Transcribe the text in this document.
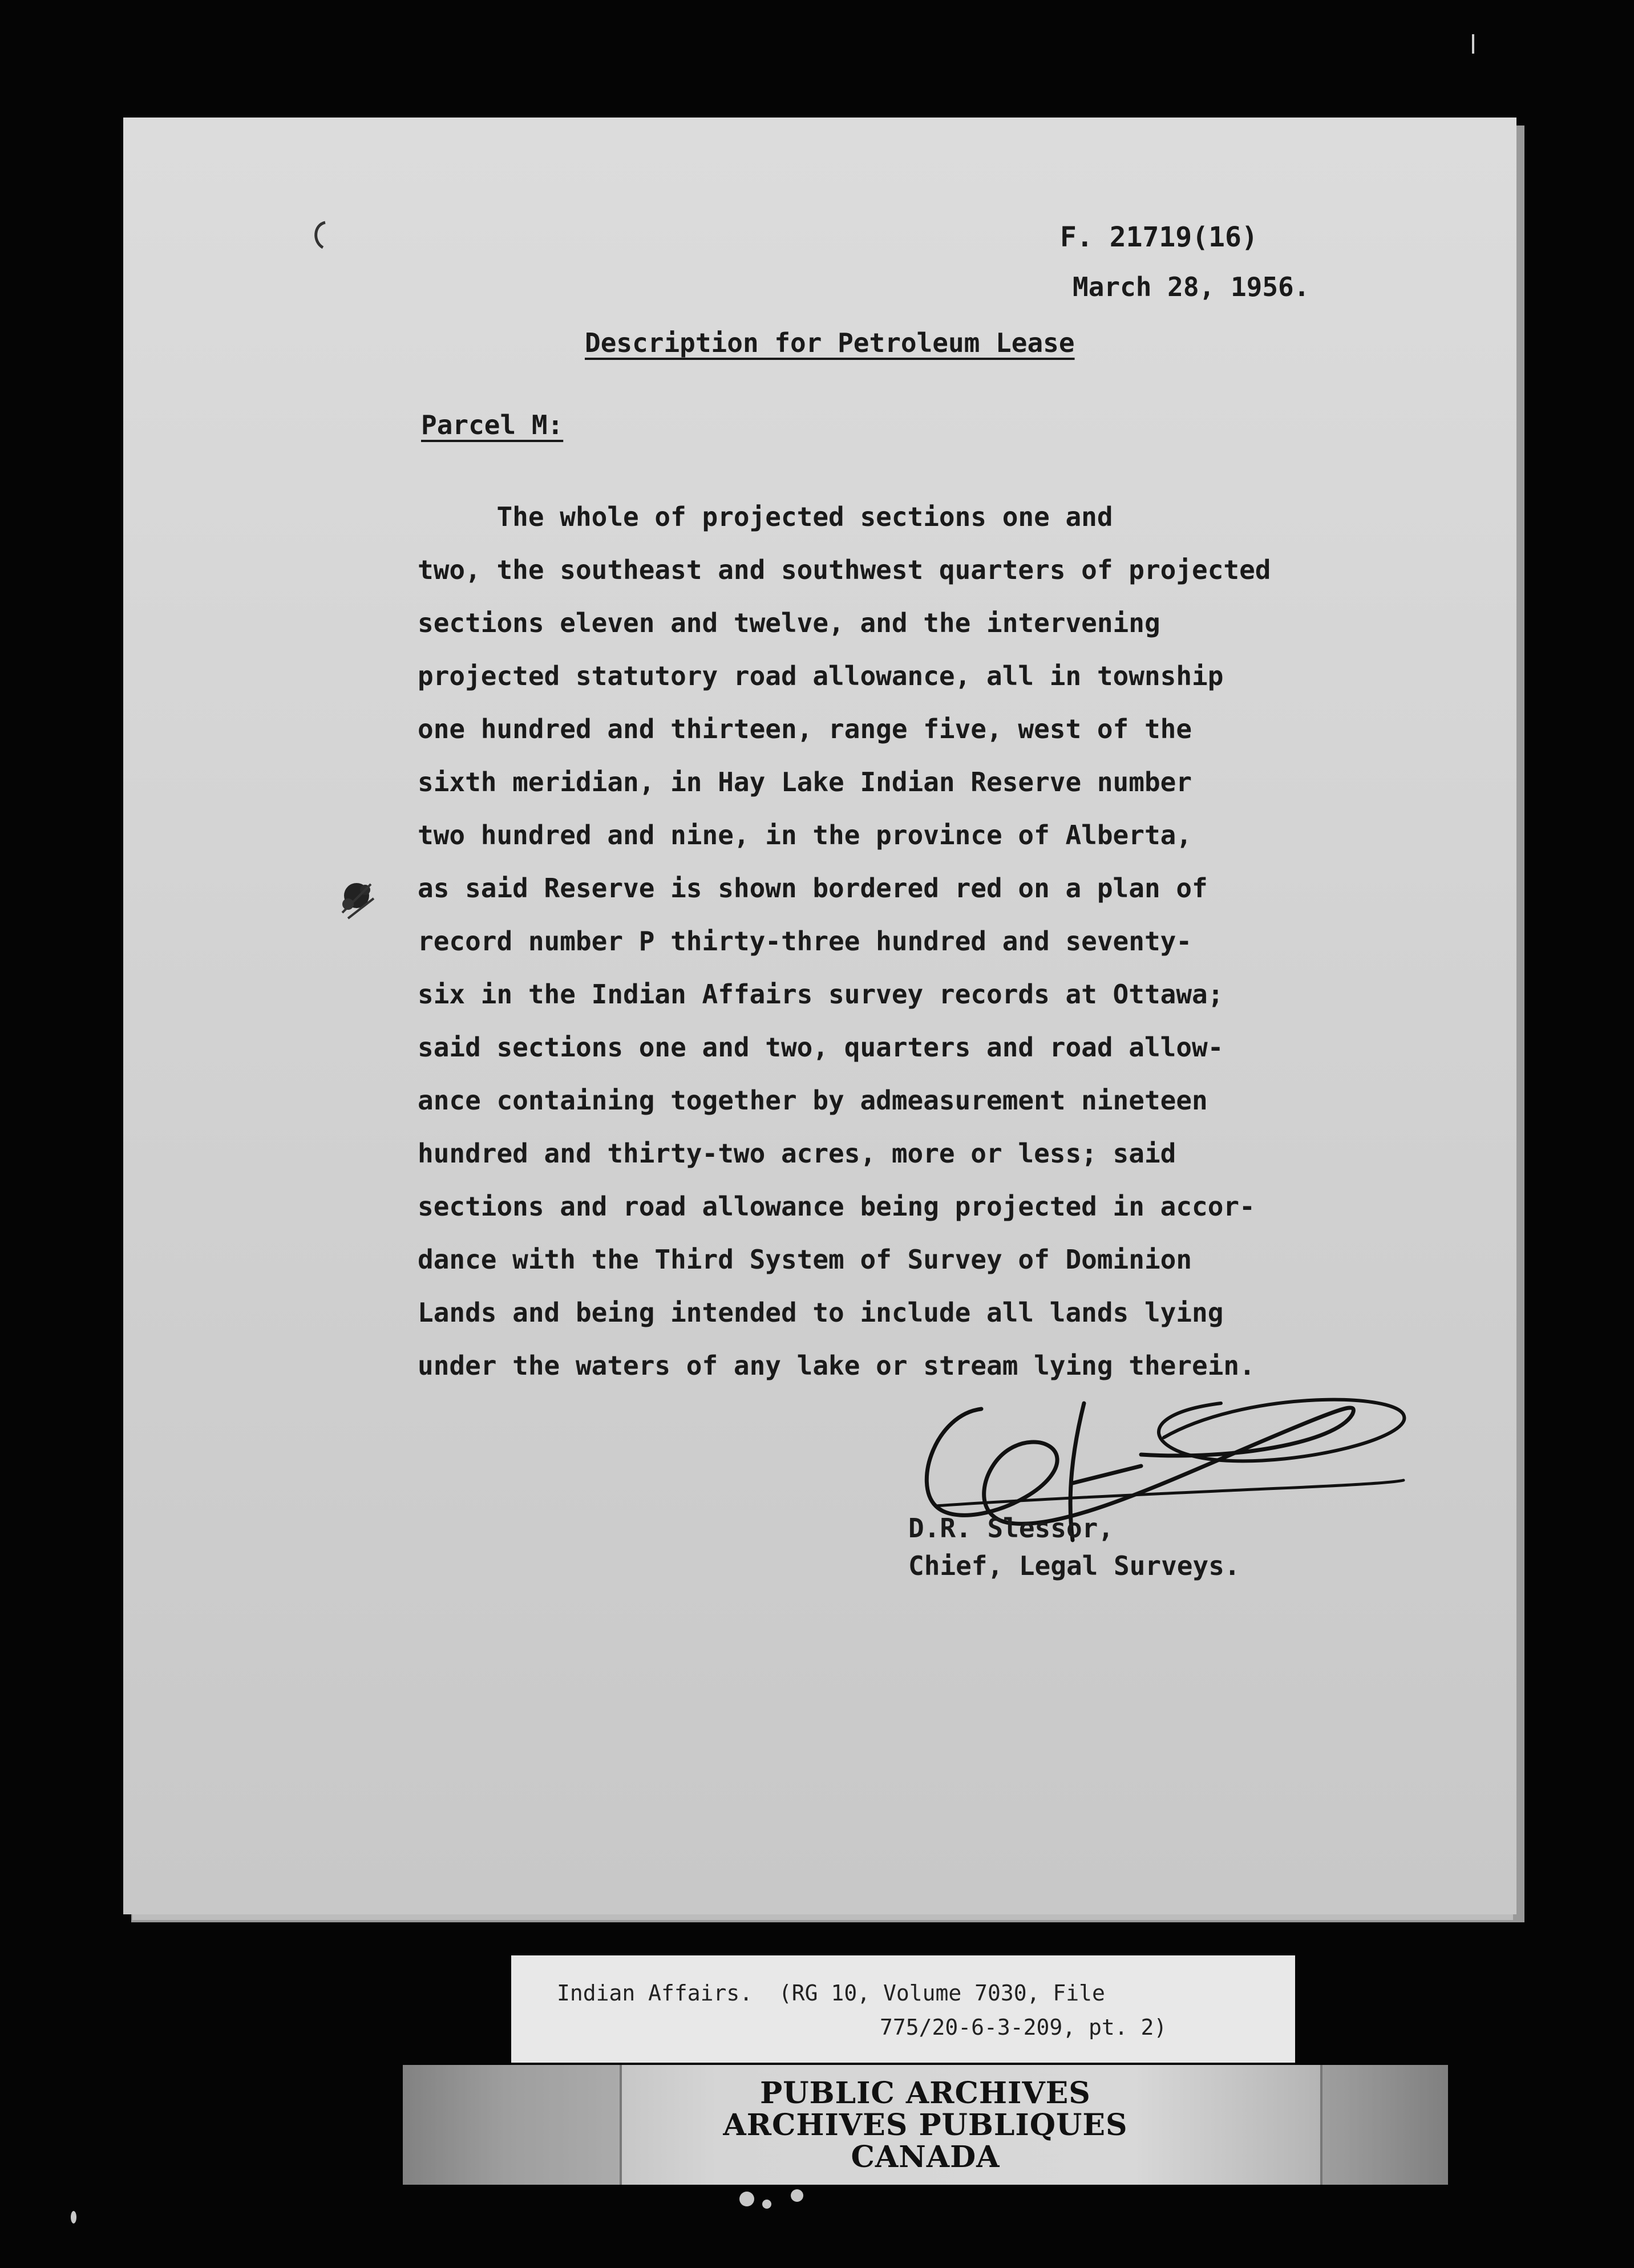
F. 21719(16)

March 28, 1956.

Description for Petroleum Lease

Parcel M:

The whole of projected sections one and
two, the southeast and southwest quarters of projected
sections eleven and twelve, and the intervening
projected statutory road allowance, all in township
one hundred and thirteen, range five, west of the
sixth meridian, in Hay Lake Indian Reserve number
two hundred and nine, in the province of Alberta,
as said Reserve is shown bordered red on a plan of
record number P thirty-three hundred and seventy-
six in the Indian Affairs survey records at Ottawa;
said sections one and two, quarters and road allow-
ance containing together by admeasurement nineteen
hundred and thirty-two acres, more or less; said
sections and road allowance being projected in accor-
dance with the Third System of Survey of Dominion
Lands and being intended to include all lands lying
under the waters of any lake or stream lying therein.

D.R. Slessor,

Chief, Legal Surveys.

Indian Affairs.  (RG 10, Volume 7030, File
775/20-6-3-209, pt. 2)
PUBLIC ARCHIVES
ARCHIVES PUBLIQUES
CANADA
